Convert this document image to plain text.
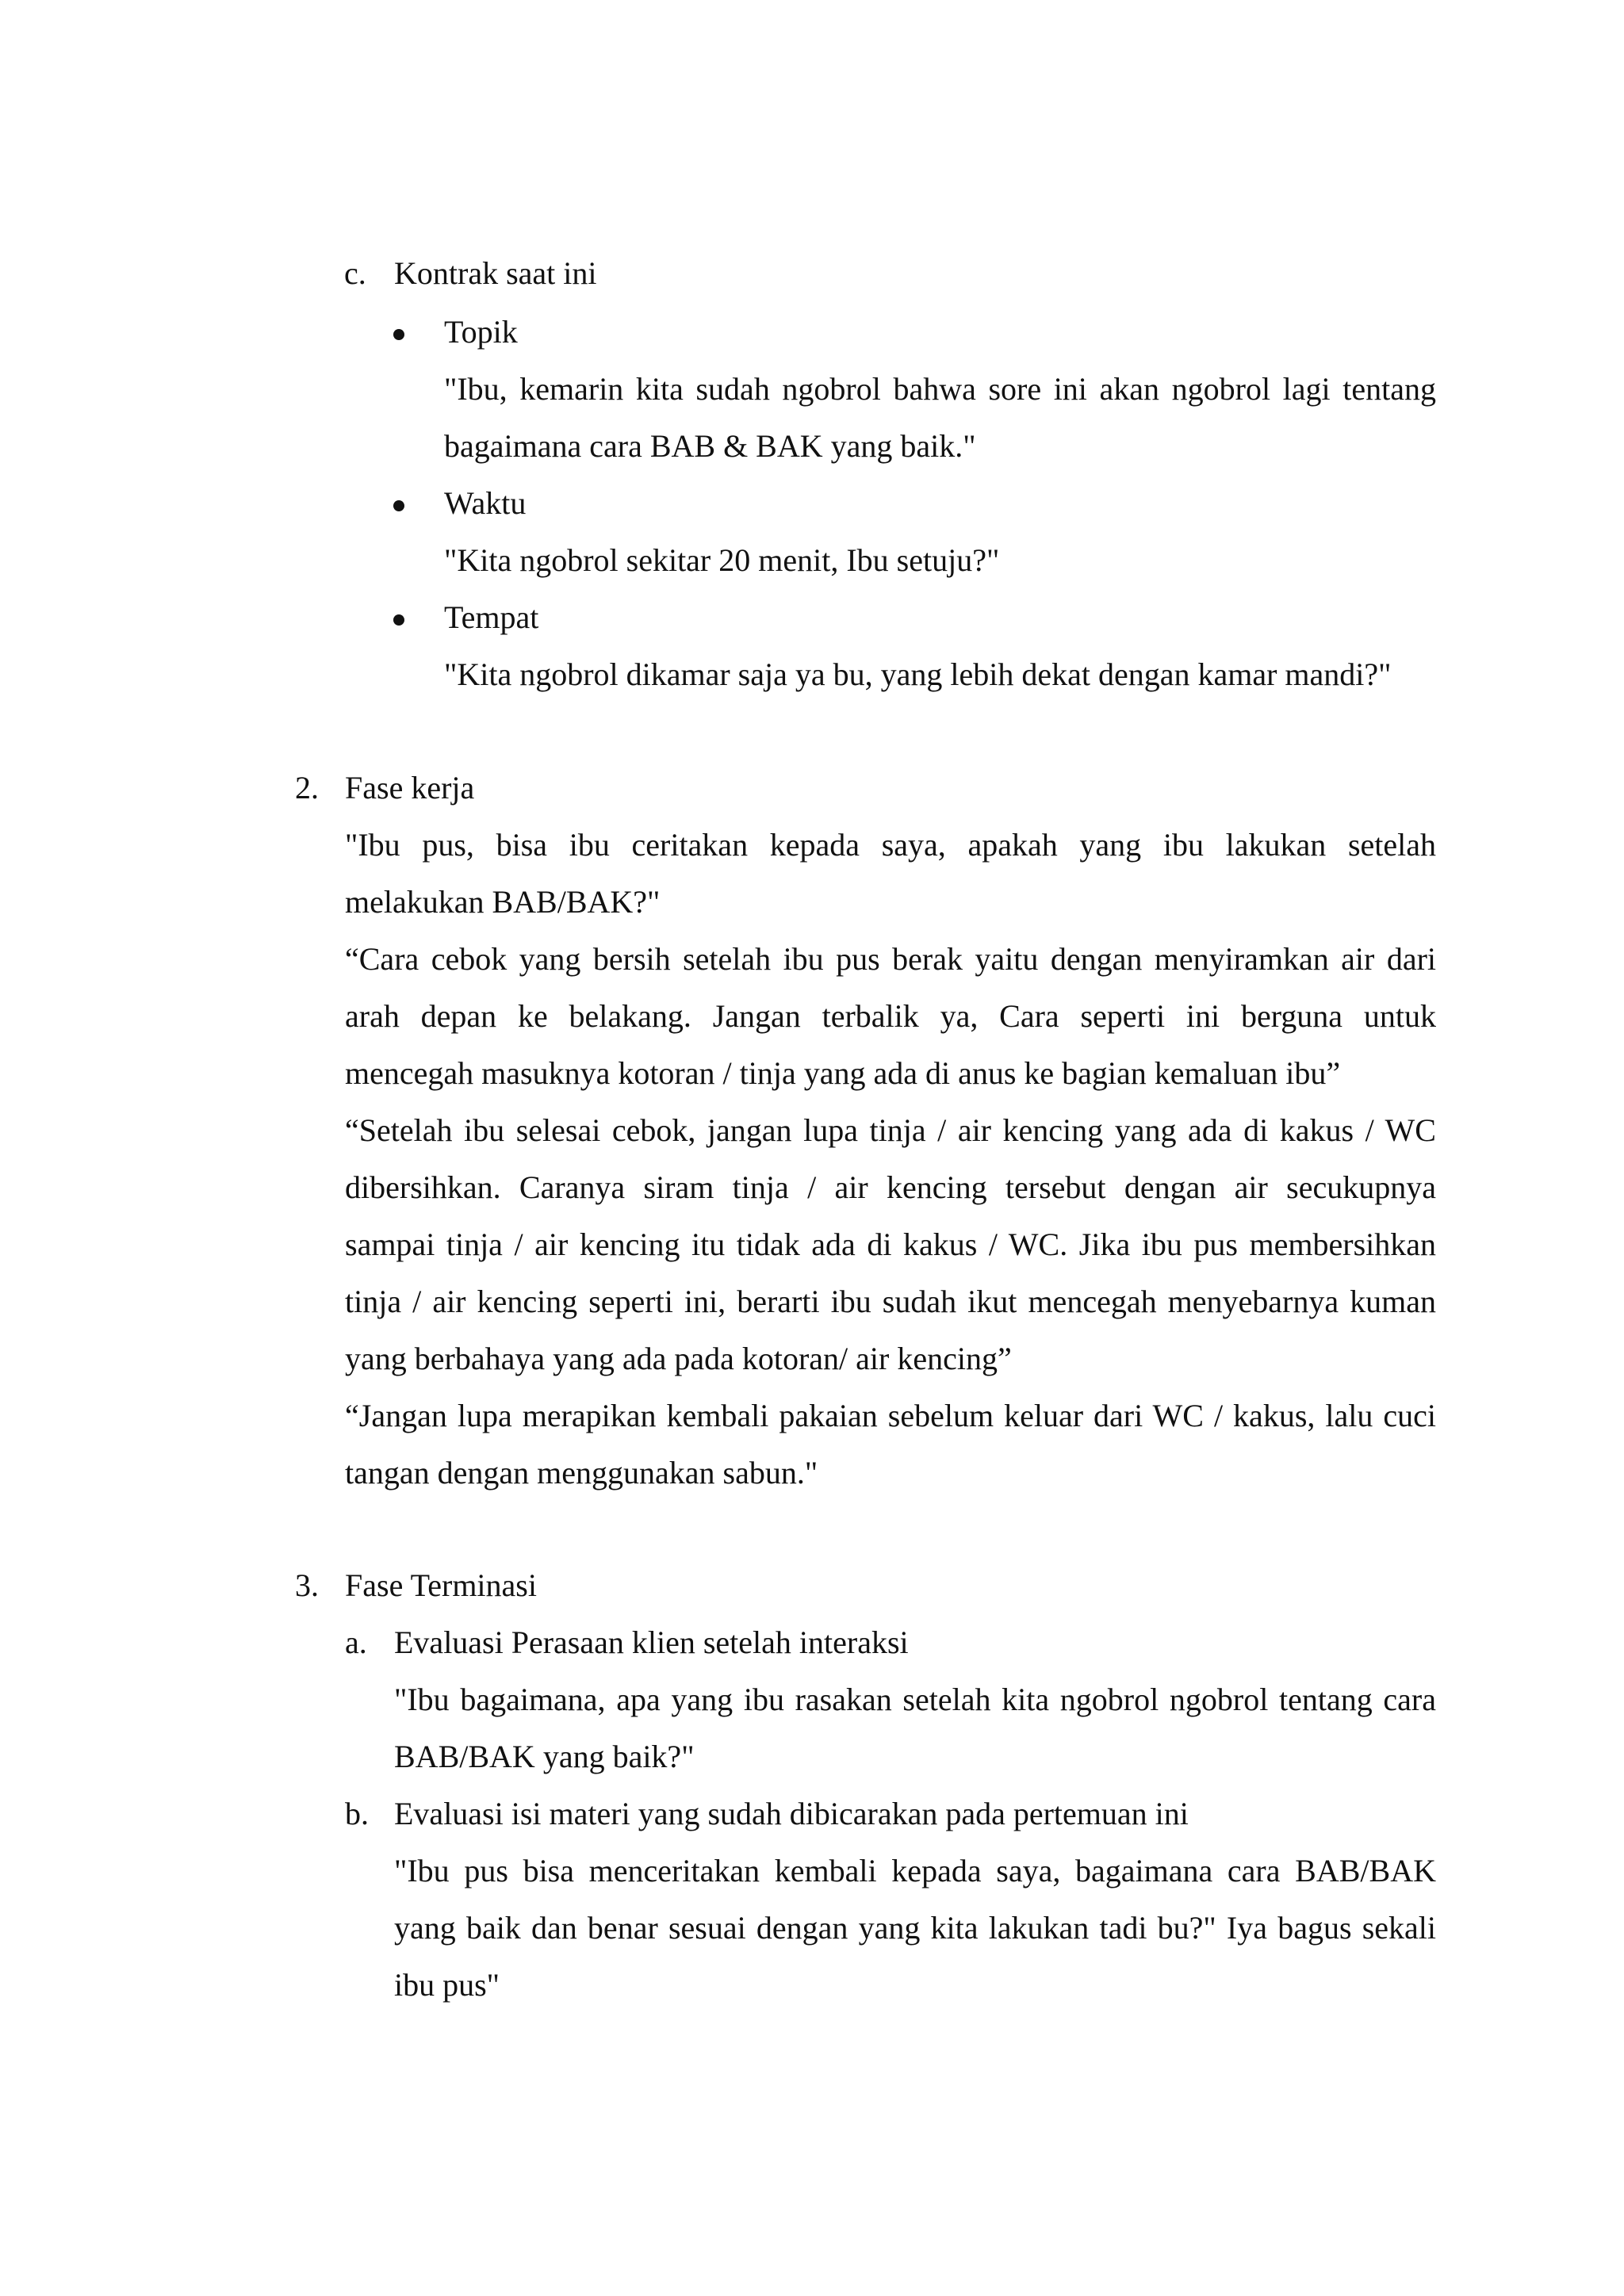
c. Kontrak saat ini
Topik
"Ibu, kemarin kita sudah ngobrol bahwa sore ini akan ngobrol lagi tentang
bagaimana cara BAB & BAK yang baik."
Waktu
"Kita ngobrol sekitar 20 menit, Ibu setuju?"
Tempat
"Kita ngobrol dikamar saja ya bu, yang lebih dekat dengan kamar mandi?"
2. Fase kerja
"Ibu pus, bisa ibu ceritakan kepada saya, apakah yang ibu lakukan setelah
melakukan BAB/BAK?"
“Cara cebok yang bersih setelah ibu pus berak yaitu dengan menyiramkan air dari
arah depan ke belakang. Jangan terbalik ya, Cara seperti ini berguna untuk
mencegah masuknya kotoran / tinja yang ada di anus ke bagian kemaluan ibu”
“Setelah ibu selesai cebok, jangan lupa tinja / air kencing yang ada di kakus / WC
dibersihkan. Caranya siram tinja / air kencing tersebut dengan air secukupnya
sampai tinja / air kencing itu tidak ada di kakus / WC. Jika ibu pus membersihkan
tinja / air kencing seperti ini, berarti ibu sudah ikut mencegah menyebarnya kuman
yang berbahaya yang ada pada kotoran/ air kencing”
“Jangan lupa merapikan kembali pakaian sebelum keluar dari WC / kakus, lalu cuci
tangan dengan menggunakan sabun."
3. Fase Terminasi
a. Evaluasi Perasaan klien setelah interaksi
"Ibu bagaimana, apa yang ibu rasakan setelah kita ngobrol ngobrol tentang cara
BAB/BAK yang baik?"
b. Evaluasi isi materi yang sudah dibicarakan pada pertemuan ini
"Ibu pus bisa menceritakan kembali kepada saya, bagaimana cara BAB/BAK
yang baik dan benar sesuai dengan yang kita lakukan tadi bu?" Iya bagus sekali
ibu pus"
